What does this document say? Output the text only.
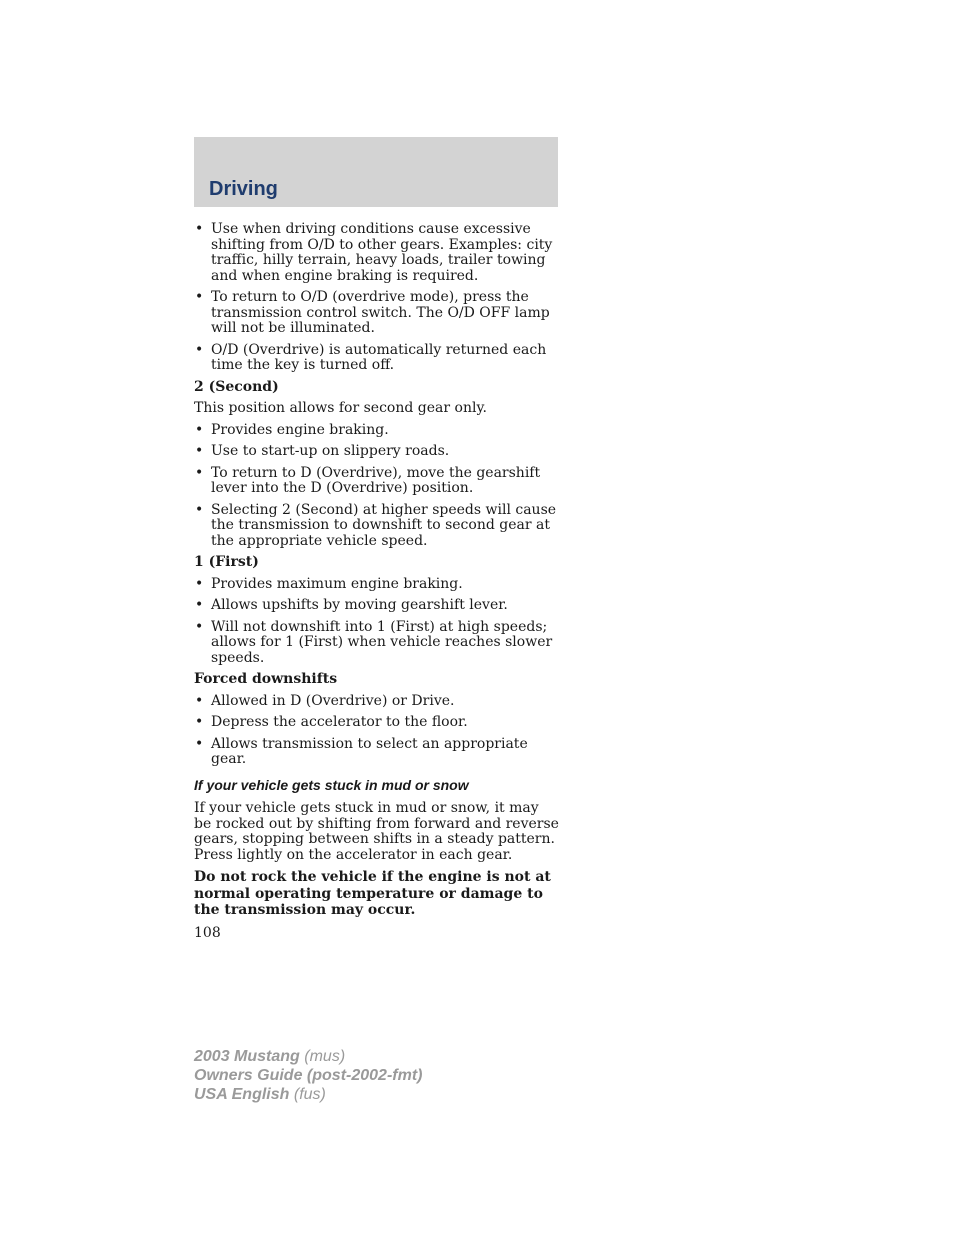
Driving
• Use when driving conditions cause excessive shifting from O/D to other gears. Examples: city traffic, hilly terrain, heavy loads, trailer towing and when engine braking is required.
• To return to O/D (overdrive mode), press the transmission control switch. The O/D OFF lamp will not be illuminated.
• O/D (Overdrive) is automatically returned each time the key is turned off.

2 (Second)

This position allows for second gear only.

• Provides engine braking.
• Use to start-up on slippery roads.
• To return to D (Overdrive), move the gearshift lever into the D (Overdrive) position.
• Selecting 2 (Second) at higher speeds will cause the transmission to downshift to second gear at the appropriate vehicle speed.

1 (First)

• Provides maximum engine braking.
• Allows upshifts by moving gearshift lever.
• Will not downshift into 1 (First) at high speeds; allows for 1 (First) when vehicle reaches slower speeds.

Forced downshifts

• Allowed in D (Overdrive) or Drive.
• Depress the accelerator to the floor.
• Allows transmission to select an appropriate gear.

If your vehicle gets stuck in mud or snow

If your vehicle gets stuck in mud or snow, it may be rocked out by shifting from forward and reverse gears, stopping between shifts in a steady pattern. Press lightly on the accelerator in each gear.

Do not rock the vehicle if the engine is not at normal operating temperature or damage to the transmission may occur.

108
2003 Mustang (mus)
Owners Guide (post-2002-fmt)
USA English (fus)
